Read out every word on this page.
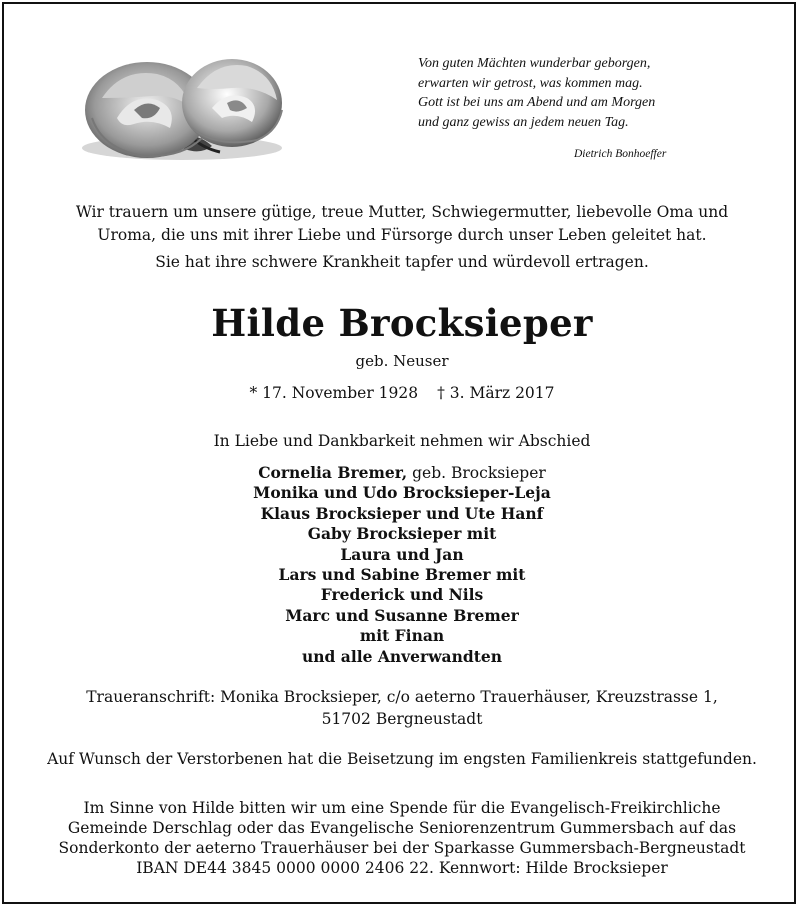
Von guten Mächten wunderbar geborgen,
erwarten wir getrost, was kommen mag.
Gott ist bei uns am Abend und am Morgen
und ganz gewiss an jedem neuen Tag.
Dietrich Bonhoeffer
Wir trauern um unsere gütige, treue Mutter, Schwiegermutter, liebevolle Oma und
Uroma, die uns mit ihrer Liebe und Fürsorge durch unser Leben geleitet hat.
Sie hat ihre schwere Krankheit tapfer und würdevoll ertragen.
Hilde Brocksieper
geb. Neuser
* 17. November 1928 † 3. März 2017
In Liebe und Dankbarkeit nehmen wir Abschied
Cornelia Bremer, geb. Brocksieper
Monika und Udo Brocksieper-Leja
Klaus Brocksieper und Ute Hanf
Gaby Brocksieper mit
Laura und Jan
Lars und Sabine Bremer mit
Frederick und Nils
Marc und Susanne Bremer
mit Finan
und alle Anverwandten
Traueranschrift: Monika Brocksieper, c/o aeterno Trauerhäuser, Kreuzstrasse 1,
51702 Bergneustadt
Auf Wunsch der Verstorbenen hat die Beisetzung im engsten Familienkreis stattgefunden.
Im Sinne von Hilde bitten wir um eine Spende für die Evangelisch-Freikirchliche
Gemeinde Derschlag oder das Evangelische Seniorenzentrum Gummersbach auf das
Sonderkonto der aeterno Trauerhäuser bei der Sparkasse Gummersbach-Bergneustadt
IBAN DE44 3845 0000 0000 2406 22. Kennwort: Hilde Brocksieper
